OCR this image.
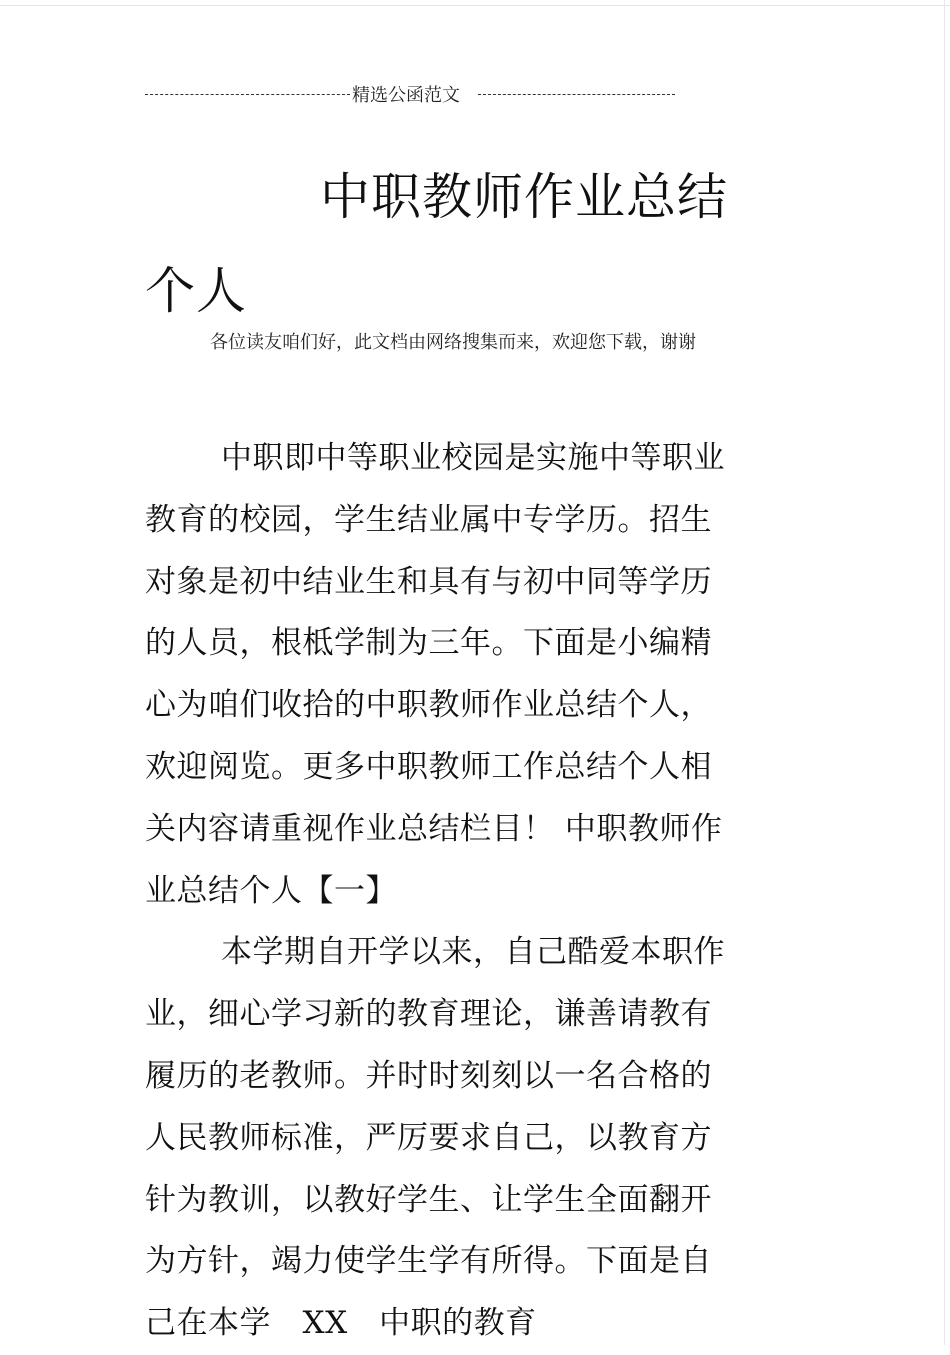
精选公函范文
中职教师作业总结个人
各位读友咱们好，此文档由网络搜集而来，欢迎您下载，谢谢

中职即中等职业校园是实施中等职业教育的校园，学生结业属中专学历。招生对象是初中结业生和具有与初中同等学历的人员，根柢学制为三年。下面是小编精心为咱们收拾的中职教师作业总结个人，欢迎阅览。更多中职教师工作总结个人相关内容请重视作业总结栏目！ 中职教师作业总结个人【一】

本学期自开学以来，自己酷爱本职作业，细心学习新的教育理论，谦善请教有履历的老教师。并时时刻刻以一名合格的人民教师标准，严厉要求自己，以教育方针为教训，以教好学生、让学生全面翻开为方针，竭力使学生学有所得。下面是自己在本学　XX　中职的教育
